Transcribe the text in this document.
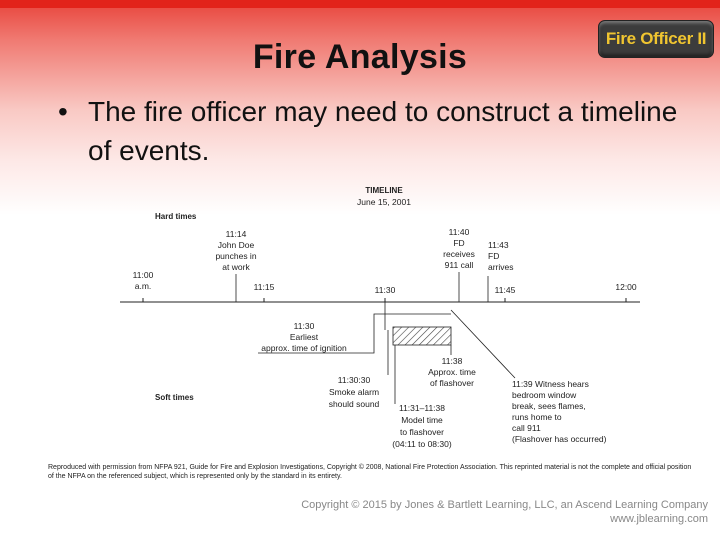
Fire Analysis	Fire Officer II
• The fire officer may need to construct a timeline of events.
TIMELINE
June 15, 2001
Hard times
Soft times
11:00
a.m.	11:15	11:30	11:45	12:00
11:14
John Doe
punches in
at work
11:40
FD
receives
911 call
11:43
FD
arrives
11:30
Earliest
approx. time of ignition
11:38
Approx. time
of flashover
11:30:30
Smoke alarm
should sound 11:31–11:38
Model time
to flashover
(04:11 to 08:30)
11:39 Witness hears
bedroom window
break, sees flames,
runs home to
call 911
(Flashover has occurred)
Reproduced with permission from NFPA 921, Guide for Fire and Explosion Investigations, Copyright © 2008, National Fire Protection Association. This reprinted material is not the complete and official position of the NFPA on the referenced subject, which is represented only by the standard in its entirety.
Copyright © 2015 by Jones & Bartlett Learning, LLC, an Ascend Learning Company
www.jblearning.com
